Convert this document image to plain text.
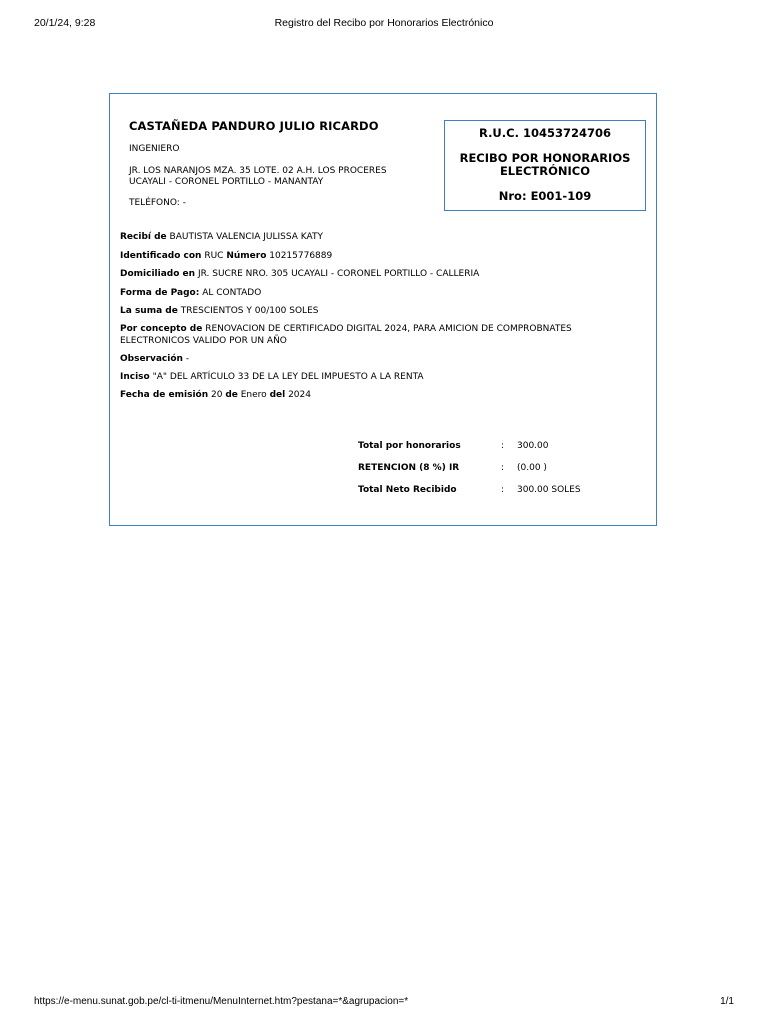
20/1/24, 9:28	Registro del Recibo por Honorarios Electrónico
CASTAÑEDA PANDURO JULIO RICARDO
INGENIERO
JR. LOS NARANJOS MZA. 35 LOTE. 02 A.H. LOS PROCERES
UCAYALI - CORONEL PORTILLO - MANANTAY
TELÉFONO: -
R.U.C. 10453724706
RECIBO POR HONORARIOS
ELECTRÓNICO
Nro: E001-109
Recibí de BAUTISTA VALENCIA JULISSA KATY
Identificado con RUC Número 10215776889
Domiciliado en JR. SUCRE NRO. 305 UCAYALI - CORONEL PORTILLO - CALLERIA
Forma de Pago: AL CONTADO
La suma de TRESCIENTOS Y 00/100 SOLES
Por concepto de RENOVACION DE CERTIFICADO DIGITAL 2024, PARA AMICION DE COMPROBNATES
ELECTRONICOS VALIDO POR UN AÑO
Observación -
Inciso "A" DEL ARTÍCULO 33 DE LA LEY DEL IMPUESTO A LA RENTA
Fecha de emisión 20 de Enero del 2024
Total por honorarios	: 300.00
RETENCION (8 %) IR	: (0.00 )
Total Neto Recibido	: 300.00 SOLES
https://e-menu.sunat.gob.pe/cl-ti-itmenu/MenuInternet.htm?pestana=*&agrupacion=*	1/1
